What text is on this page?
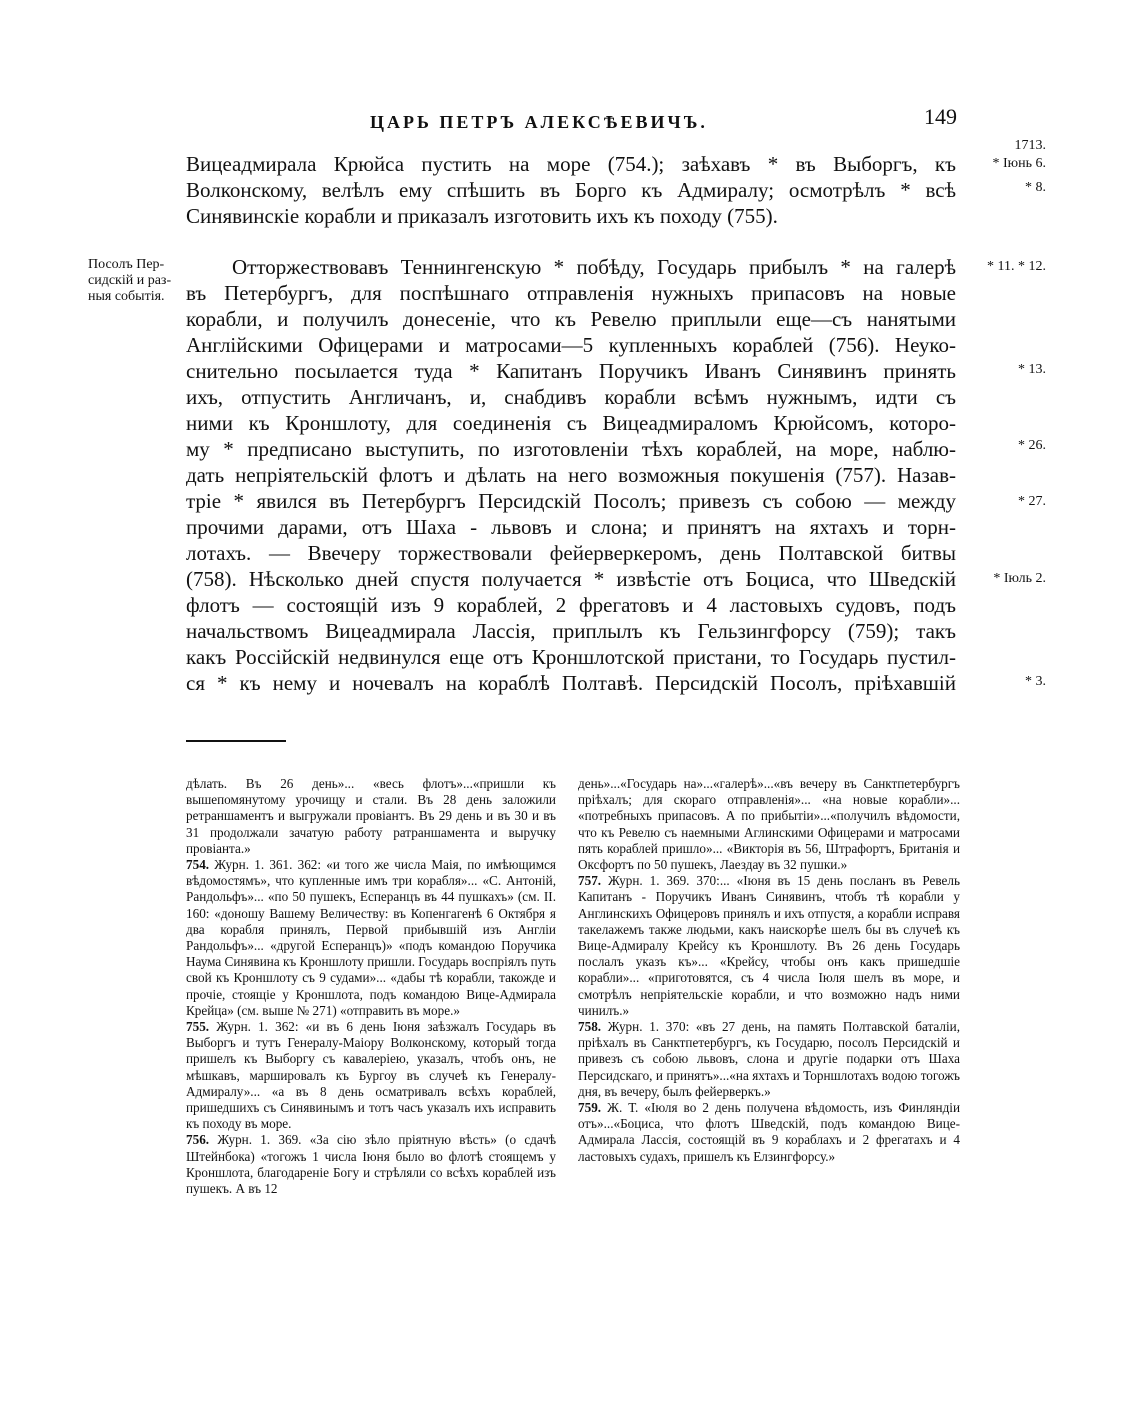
ЦАРЬ ПЕТРЪ АЛЕКСѢЕВИЧЪ.	149
1713.
* Іюнь 6.
* 8.
* 11. * 12.
* 13.
* 26.
* 27.
* Іюль 2.
* 3.
Посолъ Пер-
сидскій и раз-
ныя событія.
Вицеадмирала Крюйса пустить на море (754.); заѣхавъ * въ Выборгъ, къ
Волконскому, велѣлъ ему спѣшить въ Борго къ Адмиралу; осмотрѣлъ * всѣ
Синявинскіе корабли и приказалъ изготовить ихъ къ походу (755).
Отторжествовавъ Теннингенскую * побѣду, Государь прибылъ * на галерѣ
въ Петербургъ, для поспѣшнаго отправленія нужныхъ припасовъ на новые
корабли, и получилъ донесеніе, что къ Ревелю приплыли еще—съ нанятыми
Англійскими Офицерами и матросами—5 купленныхъ кораблей (756). Неуко-
снительно посылается туда * Капитанъ Поручикъ Иванъ Синявинъ принять
ихъ, отпустить Англичанъ, и, снабдивъ корабли всѣмъ нужнымъ, идти съ
ними къ Кроншлоту, для соединенія съ Вицеадмираломъ Крюйсомъ, которо-
му * предписано выступить, по изготовленіи тѣхъ кораблей, на море, наблю-
дать непріятельскій флотъ и дѣлать на него возможныя покушенія (757). Назав-
тріе * явился въ Петербургъ Персидскій Посолъ; привезъ съ собою — между
прочими дарами, отъ Шаха - львовъ и слона; и принятъ на яхтахъ и торн-
лотахъ. — Ввечеру торжествовали фейерверкеромъ, день Полтавской битвы
(758). Нѣсколько дней спустя получается * извѣстіе отъ Боциса, что Шведскій
флотъ — состоящій изъ 9 кораблей, 2 фрегатовъ и 4 ластовыхъ судовъ, подъ
начальствомъ Вицеадмирала Лассія, приплылъ къ Гельзингфорсу (759); такъ
какъ Россійскій недвинулся еще отъ Кроншлотской пристани, то Государь пустил-
ся * къ нему и ночевалъ на кораблѣ Полтавѣ. Персидскій Посолъ, пріѣхавшій

дѣлать. Въ 26 день»... «весь флотъ»...«пришли къ вышепомянутому урочищу и стали. Въ 28 день заложили ретраншаментъ и выгружали провіантъ. Въ 29 день и въ 30 и въ 31 продолжали зачатую работу ратраншамента и выручку провіанта.»

754. Журн. 1. 361. 362: «и того же числа Маія, по имѣющимся вѣдомостямъ», что купленные имъ три корабля»... «С. Антоній, Рандольфъ»... «по 50 пушекъ, Есперанцъ въ 44 пушкахъ» (см. II. 160: «доношу Вашему Величеству: въ Копенгагенѣ 6 Октября я два корабля принялъ, Первой прибывшій изъ Англіи Рандольфъ»... «другой Есперанцъ)» «подъ командою Поручика Наума Синявина къ Кроншлоту пришли. Государь воспріялъ путь свой къ Кроншлоту съ 9 судами»... «дабы тѣ корабли, такожде и прочіе, стоящіе у Кроншлота, подъ командою Вице-Адмирала Крейца» (см. выше № 271) «отправить въ море.»

755. Журн. 1. 362: «и въ 6 день Іюня заѣзжалъ Государь въ Выборгъ и тутъ Генералу-Маіору Волконскому, который тогда пришелъ къ Выборгу съ кавалеріею, указалъ, чтобъ онъ, не мѣшкавъ, маршировалъ къ Бургоу въ случеѣ къ Генералу-Адмиралу»... «а въ 8 день осматривалъ всѣхъ кораблей, пришедшихъ съ Синявинымъ и тотъ часъ указалъ ихъ исправить къ походу въ море.

756. Журн. 1. 369. «За сію зѣло пріятную вѣсть» (о сдачѣ Штейнбока) «тогожъ 1 числа Іюня было во флотѣ стоящемъ у Кроншлота, благодареніе Богу и стрѣляли со всѣхъ кораблей изъ пушекъ. А въ 12

день»...«Государь на»...«галерѣ»...«въ вечеру въ Санктпетербургъ пріѣхалъ; для скораго отправленія»... «на новые корабли»... «потребныхъ припасовъ. А по прибытіи»...«получилъ вѣдомости, что къ Ревелю съ наемными Аглинскими Офицерами и матросами пять кораблей пришло»... «Викторія въ 56, Штрафортъ, Британія и Оксфортъ по 50 пушекъ, Лаездау въ 32 пушки.»

757. Журн. 1. 369. 370:... «Іюня въ 15 день посланъ въ Ревель Капитанъ - Поручикъ Иванъ Синявинъ, чтобъ тѣ корабли у Англинскихъ Офицеровъ принялъ и ихъ отпустя, а корабли исправя такелажемъ также людьми, какъ наискорѣе шелъ бы въ случеѣ къ Вице-Адмиралу Крейсу къ Кроншлоту. Въ 26 день Государь послалъ указъ къ»... «Крейсу, чтобы онъ какъ пришедшіе корабли»... «приготовятся, съ 4 числа Іюля шелъ въ море, и смотрѣлъ непріятельскіе корабли, и что возможно надъ ними чинилъ.»

758. Журн. 1. 370: «въ 27 день, на память Полтавской баталіи, пріѣхалъ въ Санктпетербургъ, къ Государю, посолъ Персидскій и привезъ съ собою львовъ, слона и другіе подарки отъ Шаха Персидскаго, и принятъ»...«на яхтахъ и Торншлотахъ водою тогожъ дня, въ вечеру, былъ фейерверкъ.»

759. Ж. Т. «Іюля во 2 день получена вѣдомость, изъ Финляндіи отъ»...«Боциса, что флотъ Шведскій, подъ командою Вице-Адмирала Лассія, состоящій въ 9 кораблахъ и 2 фрегатахъ и 4 ластовыхъ судахъ, пришелъ къ Елзингфорсу.»
